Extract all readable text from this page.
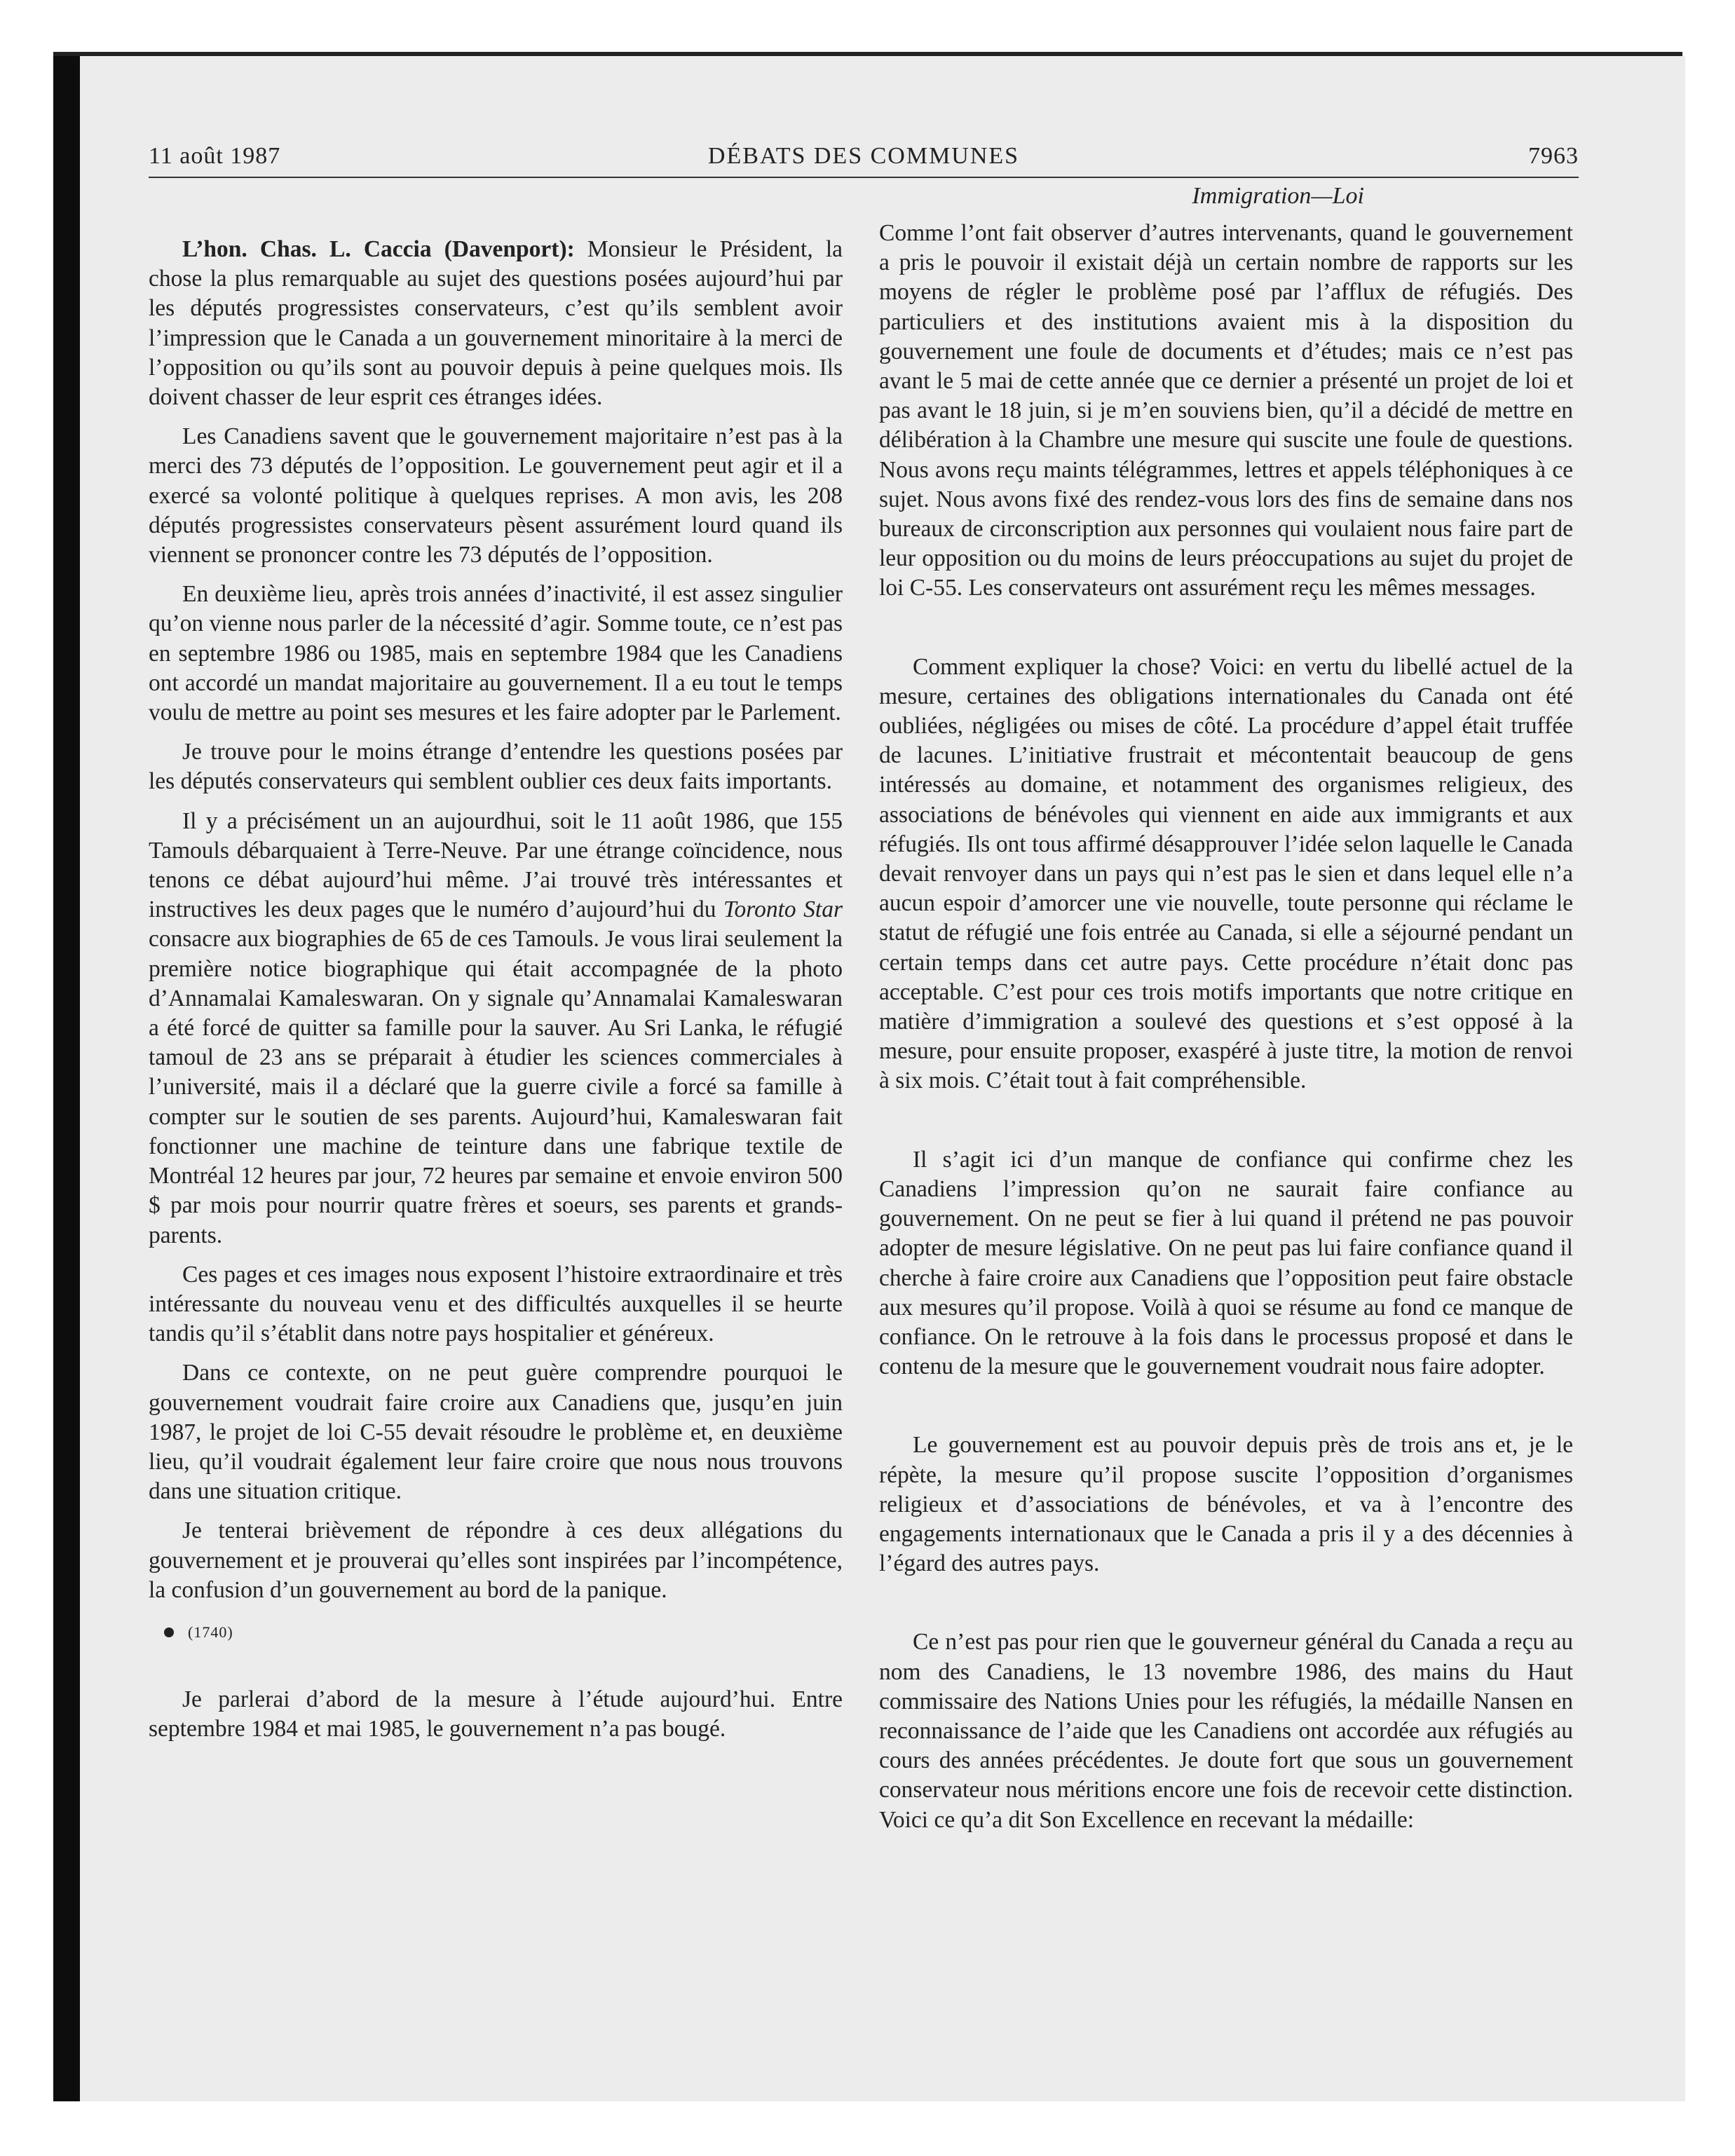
11 août 1987	DÉBATS DES COMMUNES	7963

L’hon. Chas. L. Caccia (Davenport): Monsieur le Président, la chose la plus remarquable au sujet des questions posées aujourd’hui par les députés progressistes conservateurs, c’est qu’ils semblent avoir l’impression que le Canada a un gouvernement minoritaire à la merci de l’opposition ou qu’ils sont au pouvoir depuis à peine quelques mois. Ils doivent chasser de leur esprit ces étranges idées.

Les Canadiens savent que le gouvernement majoritaire n’est pas à la merci des 73 députés de l’opposition. Le gouvernement peut agir et il a exercé sa volonté politique à quelques reprises. A mon avis, les 208 députés progressistes conservateurs pèsent assurément lourd quand ils viennent se prononcer contre les 73 députés de l’opposition.

En deuxième lieu, après trois années d’inactivité, il est assez singulier qu’on vienne nous parler de la nécessité d’agir. Somme toute, ce n’est pas en septembre 1986 ou 1985, mais en septembre 1984 que les Canadiens ont accordé un mandat majoritaire au gouvernement. Il a eu tout le temps voulu de mettre au point ses mesures et les faire adopter par le Parlement.

Je trouve pour le moins étrange d’entendre les questions posées par les députés conservateurs qui semblent oublier ces deux faits importants.

Il y a précisément un an aujourdhui, soit le 11 août 1986, que 155 Tamouls débarquaient à Terre-Neuve. Par une étrange coïncidence, nous tenons ce débat aujourd’hui même. J’ai trouvé très intéressantes et instructives les deux pages que le numéro d’aujourd’hui du Toronto Star consacre aux biographies de 65 de ces Tamouls. Je vous lirai seulement la première notice biographique qui était accompagnée de la photo d’Annamalai Kamaleswaran. On y signale qu’Annamalai Kamaleswaran a été forcé de quitter sa famille pour la sauver. Au Sri Lanka, le réfugié tamoul de 23 ans se préparait à étudier les sciences commerciales à l’université, mais il a déclaré que la guerre civile a forcé sa famille à compter sur le soutien de ses parents. Aujourd’hui, Kamaleswaran fait fonctionner une machine de teinture dans une fabrique textile de Montréal 12 heures par jour, 72 heures par semaine et envoie environ 500 $ par mois pour nourrir quatre frères et soeurs, ses parents et grands-parents.

Ces pages et ces images nous exposent l’histoire extraordinaire et très intéressante du nouveau venu et des difficultés auxquelles il se heurte tandis qu’il s’établit dans notre pays hospitalier et généreux.

Dans ce contexte, on ne peut guère comprendre pourquoi le gouvernement voudrait faire croire aux Canadiens que, jusqu’en juin 1987, le projet de loi C-55 devait résoudre le problème et, en deuxième lieu, qu’il voudrait également leur faire croire que nous nous trouvons dans une situation critique.

Je tenterai brièvement de répondre à ces deux allégations du gouvernement et je prouverai qu’elles sont inspirées par l’incompétence, la confusion d’un gouvernement au bord de la panique.

(1740)

Je parlerai d’abord de la mesure à l’étude aujourd’hui. Entre septembre 1984 et mai 1985, le gouvernement n’a pas bougé.

Immigration—Loi

Comme l’ont fait observer d’autres intervenants, quand le gouvernement a pris le pouvoir il existait déjà un certain nombre de rapports sur les moyens de régler le problème posé par l’afflux de réfugiés. Des particuliers et des institutions avaient mis à la disposition du gouvernement une foule de documents et d’études; mais ce n’est pas avant le 5 mai de cette année que ce dernier a présenté un projet de loi et pas avant le 18 juin, si je m’en souviens bien, qu’il a décidé de mettre en délibération à la Chambre une mesure qui suscite une foule de questions. Nous avons reçu maints télégrammes, lettres et appels téléphoniques à ce sujet. Nous avons fixé des rendez-vous lors des fins de semaine dans nos bureaux de circonscription aux personnes qui voulaient nous faire part de leur opposition ou du moins de leurs préoccupations au sujet du projet de loi C-55. Les conservateurs ont assurément reçu les mêmes messages.

Comment expliquer la chose? Voici: en vertu du libellé actuel de la mesure, certaines des obligations internationales du Canada ont été oubliées, négligées ou mises de côté. La procédure d’appel était truffée de lacunes. L’initiative frustrait et mécontentait beaucoup de gens intéressés au domaine, et notamment des organismes religieux, des associations de bénévoles qui viennent en aide aux immigrants et aux réfugiés. Ils ont tous affirmé désapprouver l’idée selon laquelle le Canada devait renvoyer dans un pays qui n’est pas le sien et dans lequel elle n’a aucun espoir d’amorcer une vie nouvelle, toute personne qui réclame le statut de réfugié une fois entrée au Canada, si elle a séjourné pendant un certain temps dans cet autre pays. Cette procédure n’était donc pas acceptable. C’est pour ces trois motifs importants que notre critique en matière d’immigration a soulevé des questions et s’est opposé à la mesure, pour ensuite proposer, exaspéré à juste titre, la motion de renvoi à six mois. C’était tout à fait compréhensible.

Il s’agit ici d’un manque de confiance qui confirme chez les Canadiens l’impression qu’on ne saurait faire confiance au gouvernement. On ne peut se fier à lui quand il prétend ne pas pouvoir adopter de mesure législative. On ne peut pas lui faire confiance quand il cherche à faire croire aux Canadiens que l’opposition peut faire obstacle aux mesures qu’il propose. Voilà à quoi se résume au fond ce manque de confiance. On le retrouve à la fois dans le processus proposé et dans le contenu de la mesure que le gouvernement voudrait nous faire adopter.

Le gouvernement est au pouvoir depuis près de trois ans et, je le répète, la mesure qu’il propose suscite l’opposition d’organismes religieux et d’associations de bénévoles, et va à l’encontre des engagements internationaux que le Canada a pris il y a des décennies à l’égard des autres pays.

Ce n’est pas pour rien que le gouverneur général du Canada a reçu au nom des Canadiens, le 13 novembre 1986, des mains du Haut commissaire des Nations Unies pour les réfugiés, la médaille Nansen en reconnaissance de l’aide que les Canadiens ont accordée aux réfugiés au cours des années précédentes. Je doute fort que sous un gouvernement conservateur nous méritions encore une fois de recevoir cette distinction. Voici ce qu’a dit Son Excellence en recevant la médaille:
